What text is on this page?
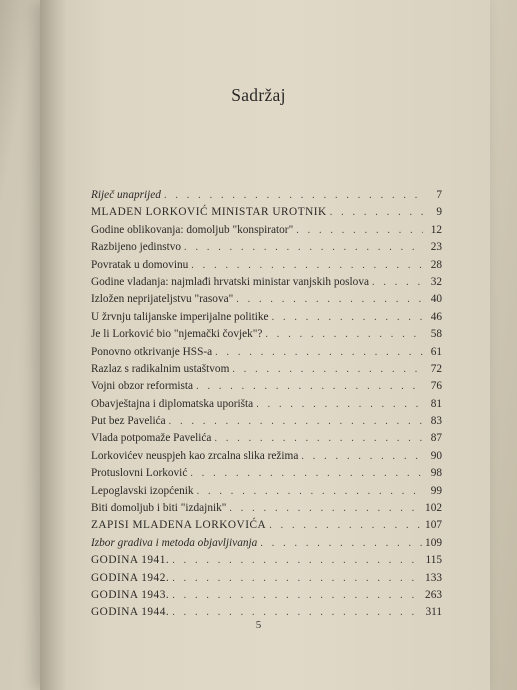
Sadržaj
Riječ unaprijed . . .	7
MLADEN LORKOVIĆ MINISTAR UROTNIK . . .	9
Godine oblikovanja: domoljub "konspirator" . . .	12
Razbijeno jedinstvo . . .	23
Povratak u domovinu . . .	28
Godine vladanja: najmlađi hrvatski ministar vanjskih poslova . . .	32
Izložen neprijateljstvu "rasova" . . .	40
U žrvnju talijanske imperijalne politike . . .	46
Je li Lorković bio "njemački čovjek"? . . .	58
Ponovno otkrivanje HSS-a . . .	61
Razlaz s radikalnim ustaštvom . . .	72
Vojni obzor reformista . . .	76
Obavještajna i diplomatska uporišta . . .	81
Put bez Pavelića . . .	83
Vlada potpomaže Pavelića . . .	87
Lorkovićev neuspjeh kao zrcalna slika režima . . .	90
Protuslovni Lorković . . .	98
Lepoglavski izopćenik . . .	99
Biti domoljub i biti "izdajnik" . . .	102
ZAPISI MLADENA LORKOVIĆA . . .	107
Izbor gradiva i metoda objavljivanja . . .	109
GODINA 1941. . . .	115
GODINA 1942. . . .	133
GODINA 1943. . . .	263
GODINA 1944. . . .	311
5
